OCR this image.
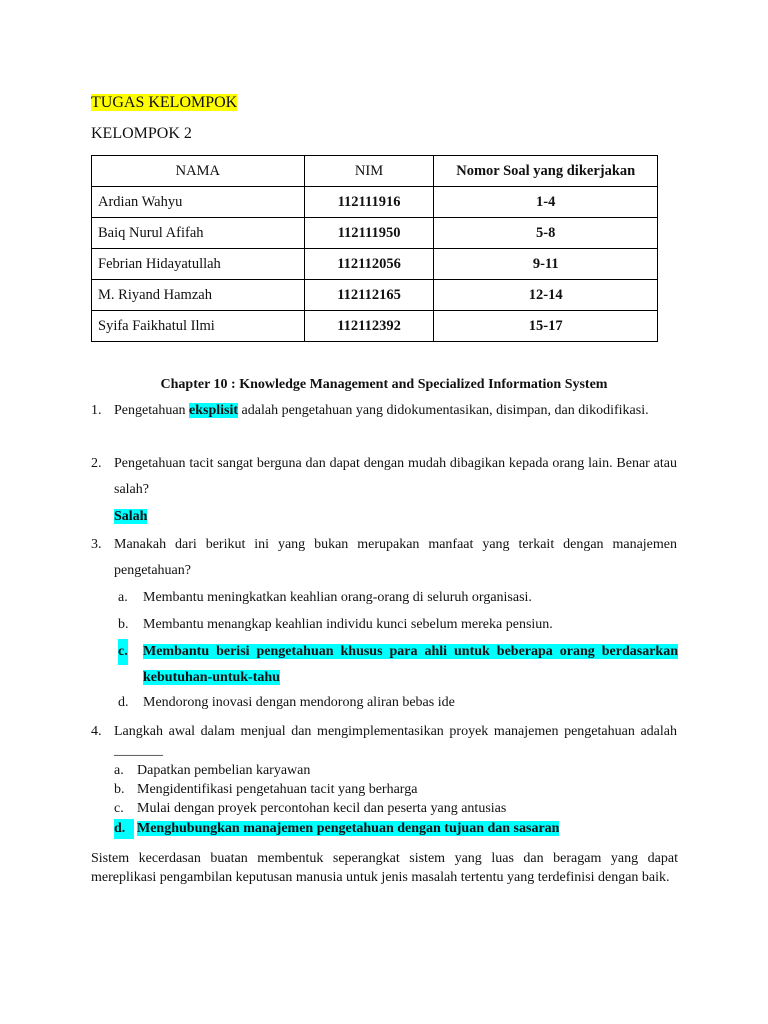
TUGAS KELOMPOK
KELOMPOK 2
NAMA	NIM	Nomor Soal yang dikerjakan
Ardian Wahyu	112111916	1-4
Baiq Nurul Afifah	112111950	5-8
Febrian Hidayatullah	112112056	9-11
M. Riyand Hamzah	112112165	12-14
Syifa Faikhatul Ilmi	112112392	15-17
Chapter 10 : Knowledge Management and Specialized Information System
1. Pengetahuan eksplisit adalah pengetahuan yang didokumentasikan, disimpan, dan dikodifikasi.
2. Pengetahuan tacit sangat berguna dan dapat dengan mudah dibagikan kepada orang lain. Benar atau salah?
Salah
3. Manakah dari berikut ini yang bukan merupakan manfaat yang terkait dengan manajemen pengetahuan?
a. Membantu meningkatkan keahlian orang-orang di seluruh organisasi.
b. Membantu menangkap keahlian individu kunci sebelum mereka pensiun.
c. Membantu berisi pengetahuan khusus para ahli untuk beberapa orang berdasarkan kebutuhan-untuk-tahu
d. Mendorong inovasi dengan mendorong aliran bebas ide
4. Langkah awal dalam menjual dan mengimplementasikan proyek manajemen pengetahuan adalah _______
a. Dapatkan pembelian karyawan
b. Mengidentifikasi pengetahuan tacit yang berharga
c. Mulai dengan proyek percontohan kecil dan peserta yang antusias
d. Menghubungkan manajemen pengetahuan dengan tujuan dan sasaran
Sistem kecerdasan buatan membentuk seperangkat sistem yang luas dan beragam yang dapat mereplikasi pengambilan keputusan manusia untuk jenis masalah tertentu yang terdefinisi dengan baik.
